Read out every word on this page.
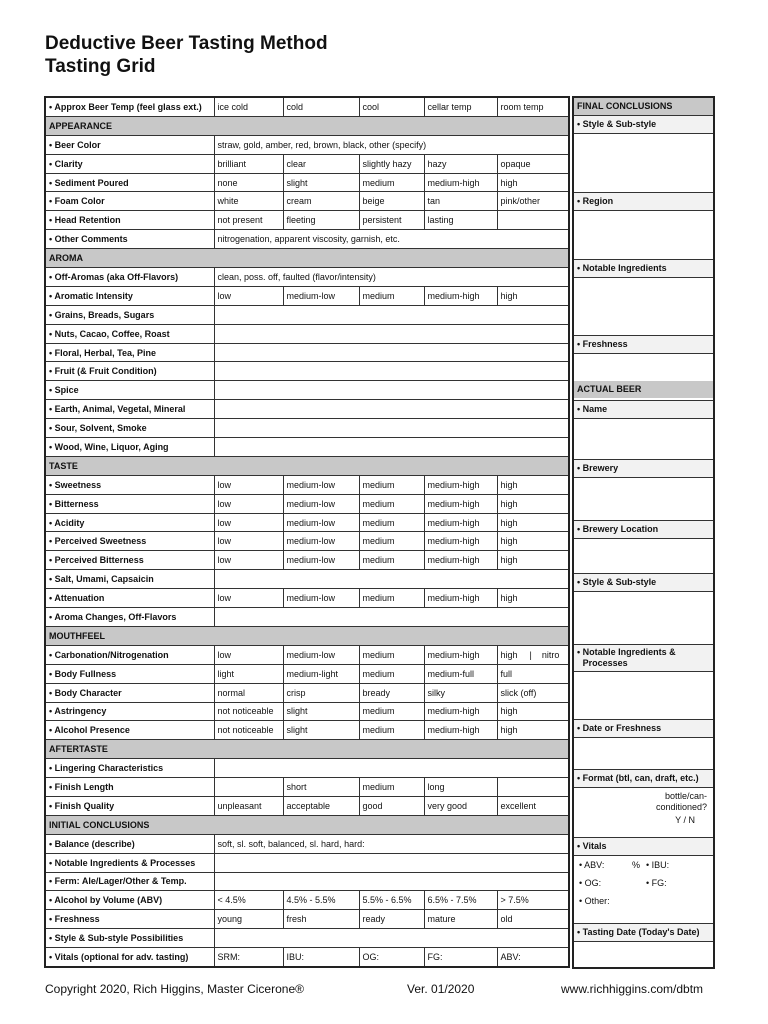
Deductive Beer Tasting Method
Tasting Grid
• Approx Beer Temp (feel glass ext.)	ice cold	cold	cool	cellar temp	room temp
APPEARANCE					
• Beer Color	straw, gold, amber, red, brown, black, other (specify)				
• Clarity	brilliant	clear	slightly hazy	hazy	opaque
• Sediment Poured	none	slight	medium	medium-high	high
• Foam Color	white	cream	beige	tan	pink/other
• Head Retention	not present	fleeting	persistent	lasting	
• Other Comments	nitrogenation, apparent viscosity, garnish, etc.				
AROMA					
• Off-Aromas (aka Off-Flavors)	clean, poss. off, faulted (flavor/intensity)				
• Aromatic Intensity	low	medium-low	medium	medium-high	high
• Grains, Breads, Sugars					
• Nuts, Cacao, Coffee, Roast					
• Floral, Herbal, Tea, Pine					
• Fruit (& Fruit Condition)					
• Spice					
• Earth, Animal, Vegetal, Mineral					
• Sour, Solvent, Smoke					
• Wood, Wine, Liquor, Aging					
TASTE					
• Sweetness	low	medium-low	medium	medium-high	high
• Bitterness	low	medium-low	medium	medium-high	high
• Acidity	low	medium-low	medium	medium-high	high
• Perceived Sweetness	low	medium-low	medium	medium-high	high
• Perceived Bitterness	low	medium-low	medium	medium-high	high
• Salt, Umami, Capsaicin					
• Attenuation	low	medium-low	medium	medium-high	high
• Aroma Changes, Off-Flavors					
MOUTHFEEL					
• Carbonation/Nitrogenation	low	medium-low	medium	medium-high	high | nitro
• Body Fullness	light	medium-light	medium	medium-full	full
• Body Character	normal	crisp	bready	silky	slick (off)
• Astringency	not noticeable	slight	medium	medium-high	high
• Alcohol Presence	not noticeable	slight	medium	medium-high	high
AFTERTASTE					
• Lingering Characteristics					
• Finish Length		short	medium	long	
• Finish Quality	unpleasant	acceptable	good	very good	excellent
INITIAL CONCLUSIONS					
• Balance (describe)	soft, sl. soft, balanced, sl. hard, hard:				
• Notable Ingredients & Processes					
• Ferm: Ale/Lager/Other & Temp.					
• Alcohol by Volume (ABV)	< 4.5%	4.5% - 5.5%	5.5% - 6.5%	6.5% - 7.5%	> 7.5%
• Freshness	young	fresh	ready	mature	old
• Style & Sub-style Possibilities					
• Vitals (optional for adv. tasting)	SRM:	IBU:	OG:	FG:	ABV:
FINAL CONCLUSIONS
• Style & Sub-style
• Region
• Notable Ingredients
• Freshness
ACTUAL BEER
• Name
• Brewery
• Brewery Location
• Style & Sub-style
• Notable Ingredients & Processes
• Date or Freshness
• Format (btl, can, draft, etc.)
bottle/can-
conditioned?
Y / N
• Vitals
• ABV:	% • IBU:
• OG:	• FG:
• Other:
• Tasting Date (Today's Date)
Copyright 2020, Rich Higgins, Master Cicerone®	Ver. 01/2020	www.richhiggins.com/dbtm
